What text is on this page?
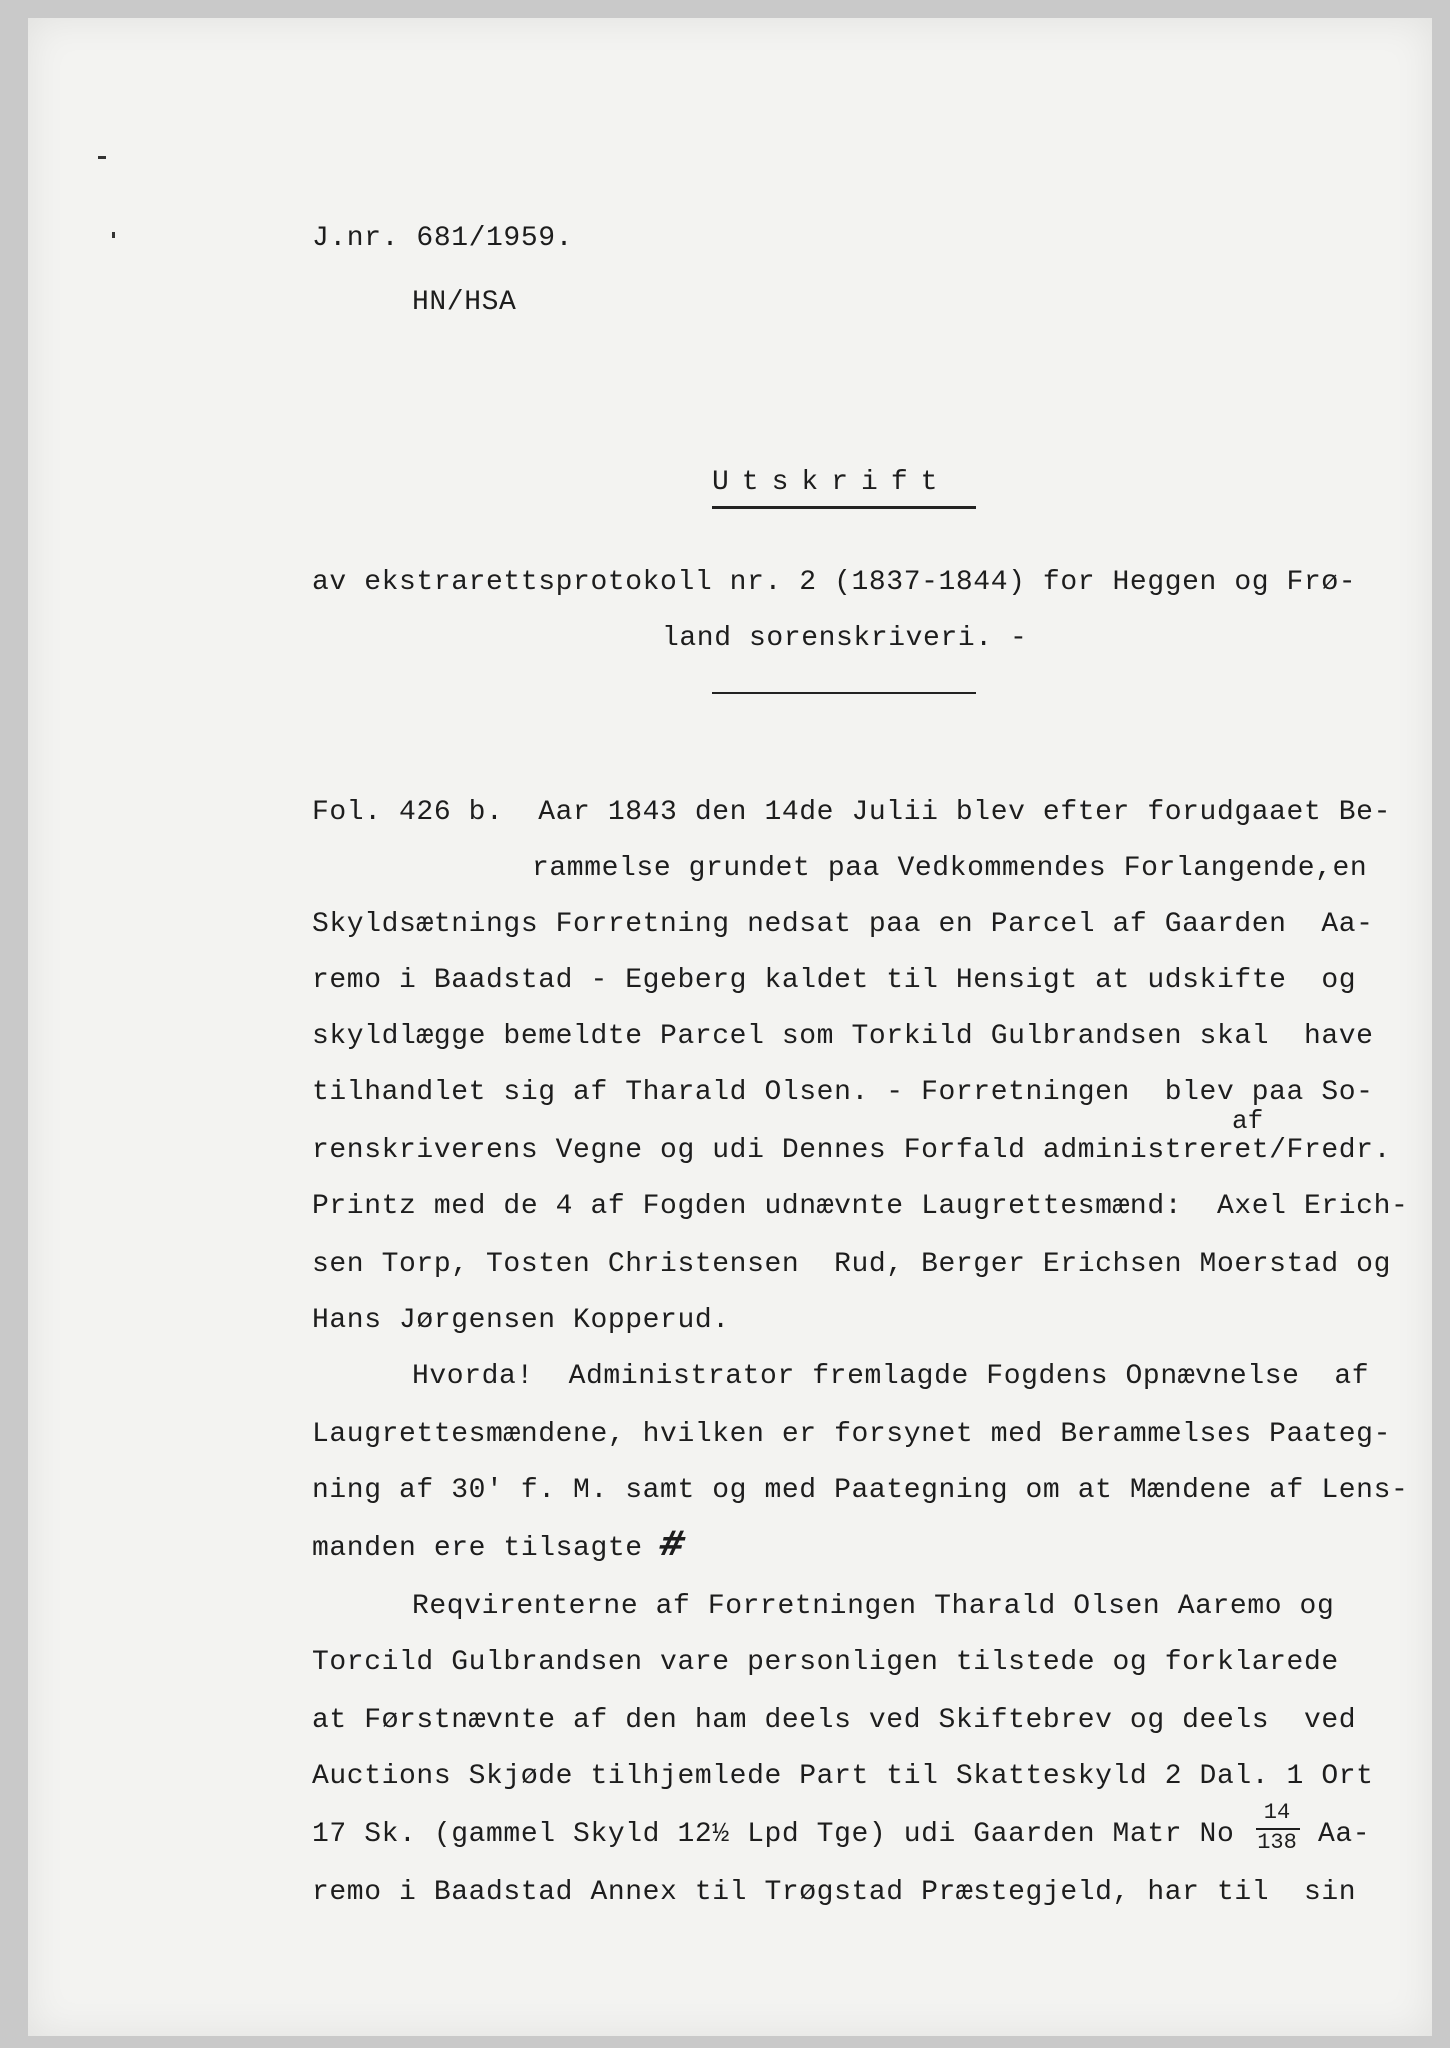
J.nr. 681/1959.
HN/HSA
Utskrift
av ekstrarettsprotokoll nr. 2 (1837-1844) for Heggen og Frø-
land sorenskriveri. -
Fol. 426 b.  Aar 1843 den 14de Julii blev efter forudgaaet Be-
rammelse grundet paa Vedkommendes Forlangende,en
Skyldsætnings Forretning nedsat paa en Parcel af Gaarden  Aa-
remo i Baadstad - Egeberg kaldet til Hensigt at udskifte  og
skyldlægge bemeldte Parcel som Torkild Gulbrandsen skal  have
tilhandlet sig af Tharald Olsen. - Forretningen  blev paa So-
af
renskriverens Vegne og udi Dennes Forfald administreret/Fredr.
Printz med de 4 af Fogden udnævnte Laugrettesmænd:  Axel Erich-
sen Torp, Tosten Christensen  Rud, Berger Erichsen Moerstad og
Hans Jørgensen Kopperud.
Hvorda!  Administrator fremlagde Fogdens Opnævnelse  af
Laugrettesmændene, hvilken er forsynet med Berammelses Paateg-
ning af 30' f. M. samt og med Paategning om at Mændene af Lens-
manden ere tilsagte #
Reqvirenterne af Forretningen Tharald Olsen Aaremo og
Torcild Gulbrandsen vare personligen tilstede og forklarede
at Førstnævnte af den ham deels ved Skiftebrev og deels  ved
Auctions Skjøde tilhjemlede Part til Skatteskyld 2 Dal. 1 Ort
17 Sk. (gammel Skyld 12½ Lpd Tge) udi Gaarden Matr No
14
138 Aa-
remo i Baadstad Annex til Trøgstad Præstegjeld, har til  sin
